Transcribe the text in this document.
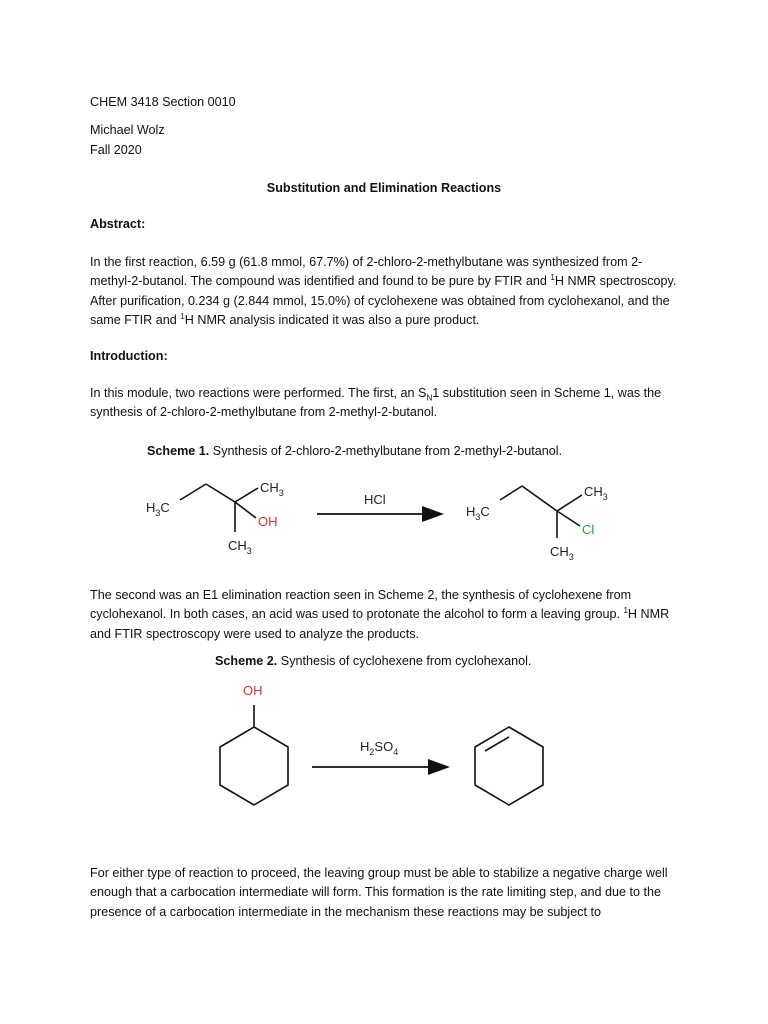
CHEM 3418 Section 0010
Michael Wolz
Fall 2020
Substitution and Elimination Reactions
Abstract:
In the first reaction, 6.59 g (61.8 mmol, 67.7%) of 2-chloro-2-methylbutane was synthesized from 2-methyl-2-butanol. The compound was identified and found to be pure by FTIR and $^1$H NMR spectroscopy. After purification, 0.234 g (2.844 mmol, 15.0%) of cyclohexene was obtained from cyclohexanol, and the same FTIR and $^1$H NMR analysis indicated it was also a pure product.
Introduction:
In this module, two reactions were performed. The first, an $S_N1$ substitution seen in Scheme 1, was the synthesis of 2-chloro-2-methylbutane from 2-methyl-2-butanol.
Scheme 1. Synthesis of 2-chloro-2-methylbutane from 2-methyl-2-butanol.
$H_3C$
$CH_3$
OH
$CH_3$
HCl
$H_3C$
$CH_3$
Cl
$CH_3$
The second was an E1 elimination reaction seen in Scheme 2, the synthesis of cyclohexene from cyclohexanol. In both cases, an acid was used to protonate the alcohol to form a leaving group. $^1$H NMR and FTIR spectroscopy were used to analyze the products.
Scheme 2. Synthesis of cyclohexene from cyclohexanol.
OH
$H_2SO_4$
For either type of reaction to proceed, the leaving group must be able to stabilize a negative charge well enough that a carbocation intermediate will form. This formation is the rate limiting step, and due to the presence of a carbocation intermediate in the mechanism these reactions may be subject to
